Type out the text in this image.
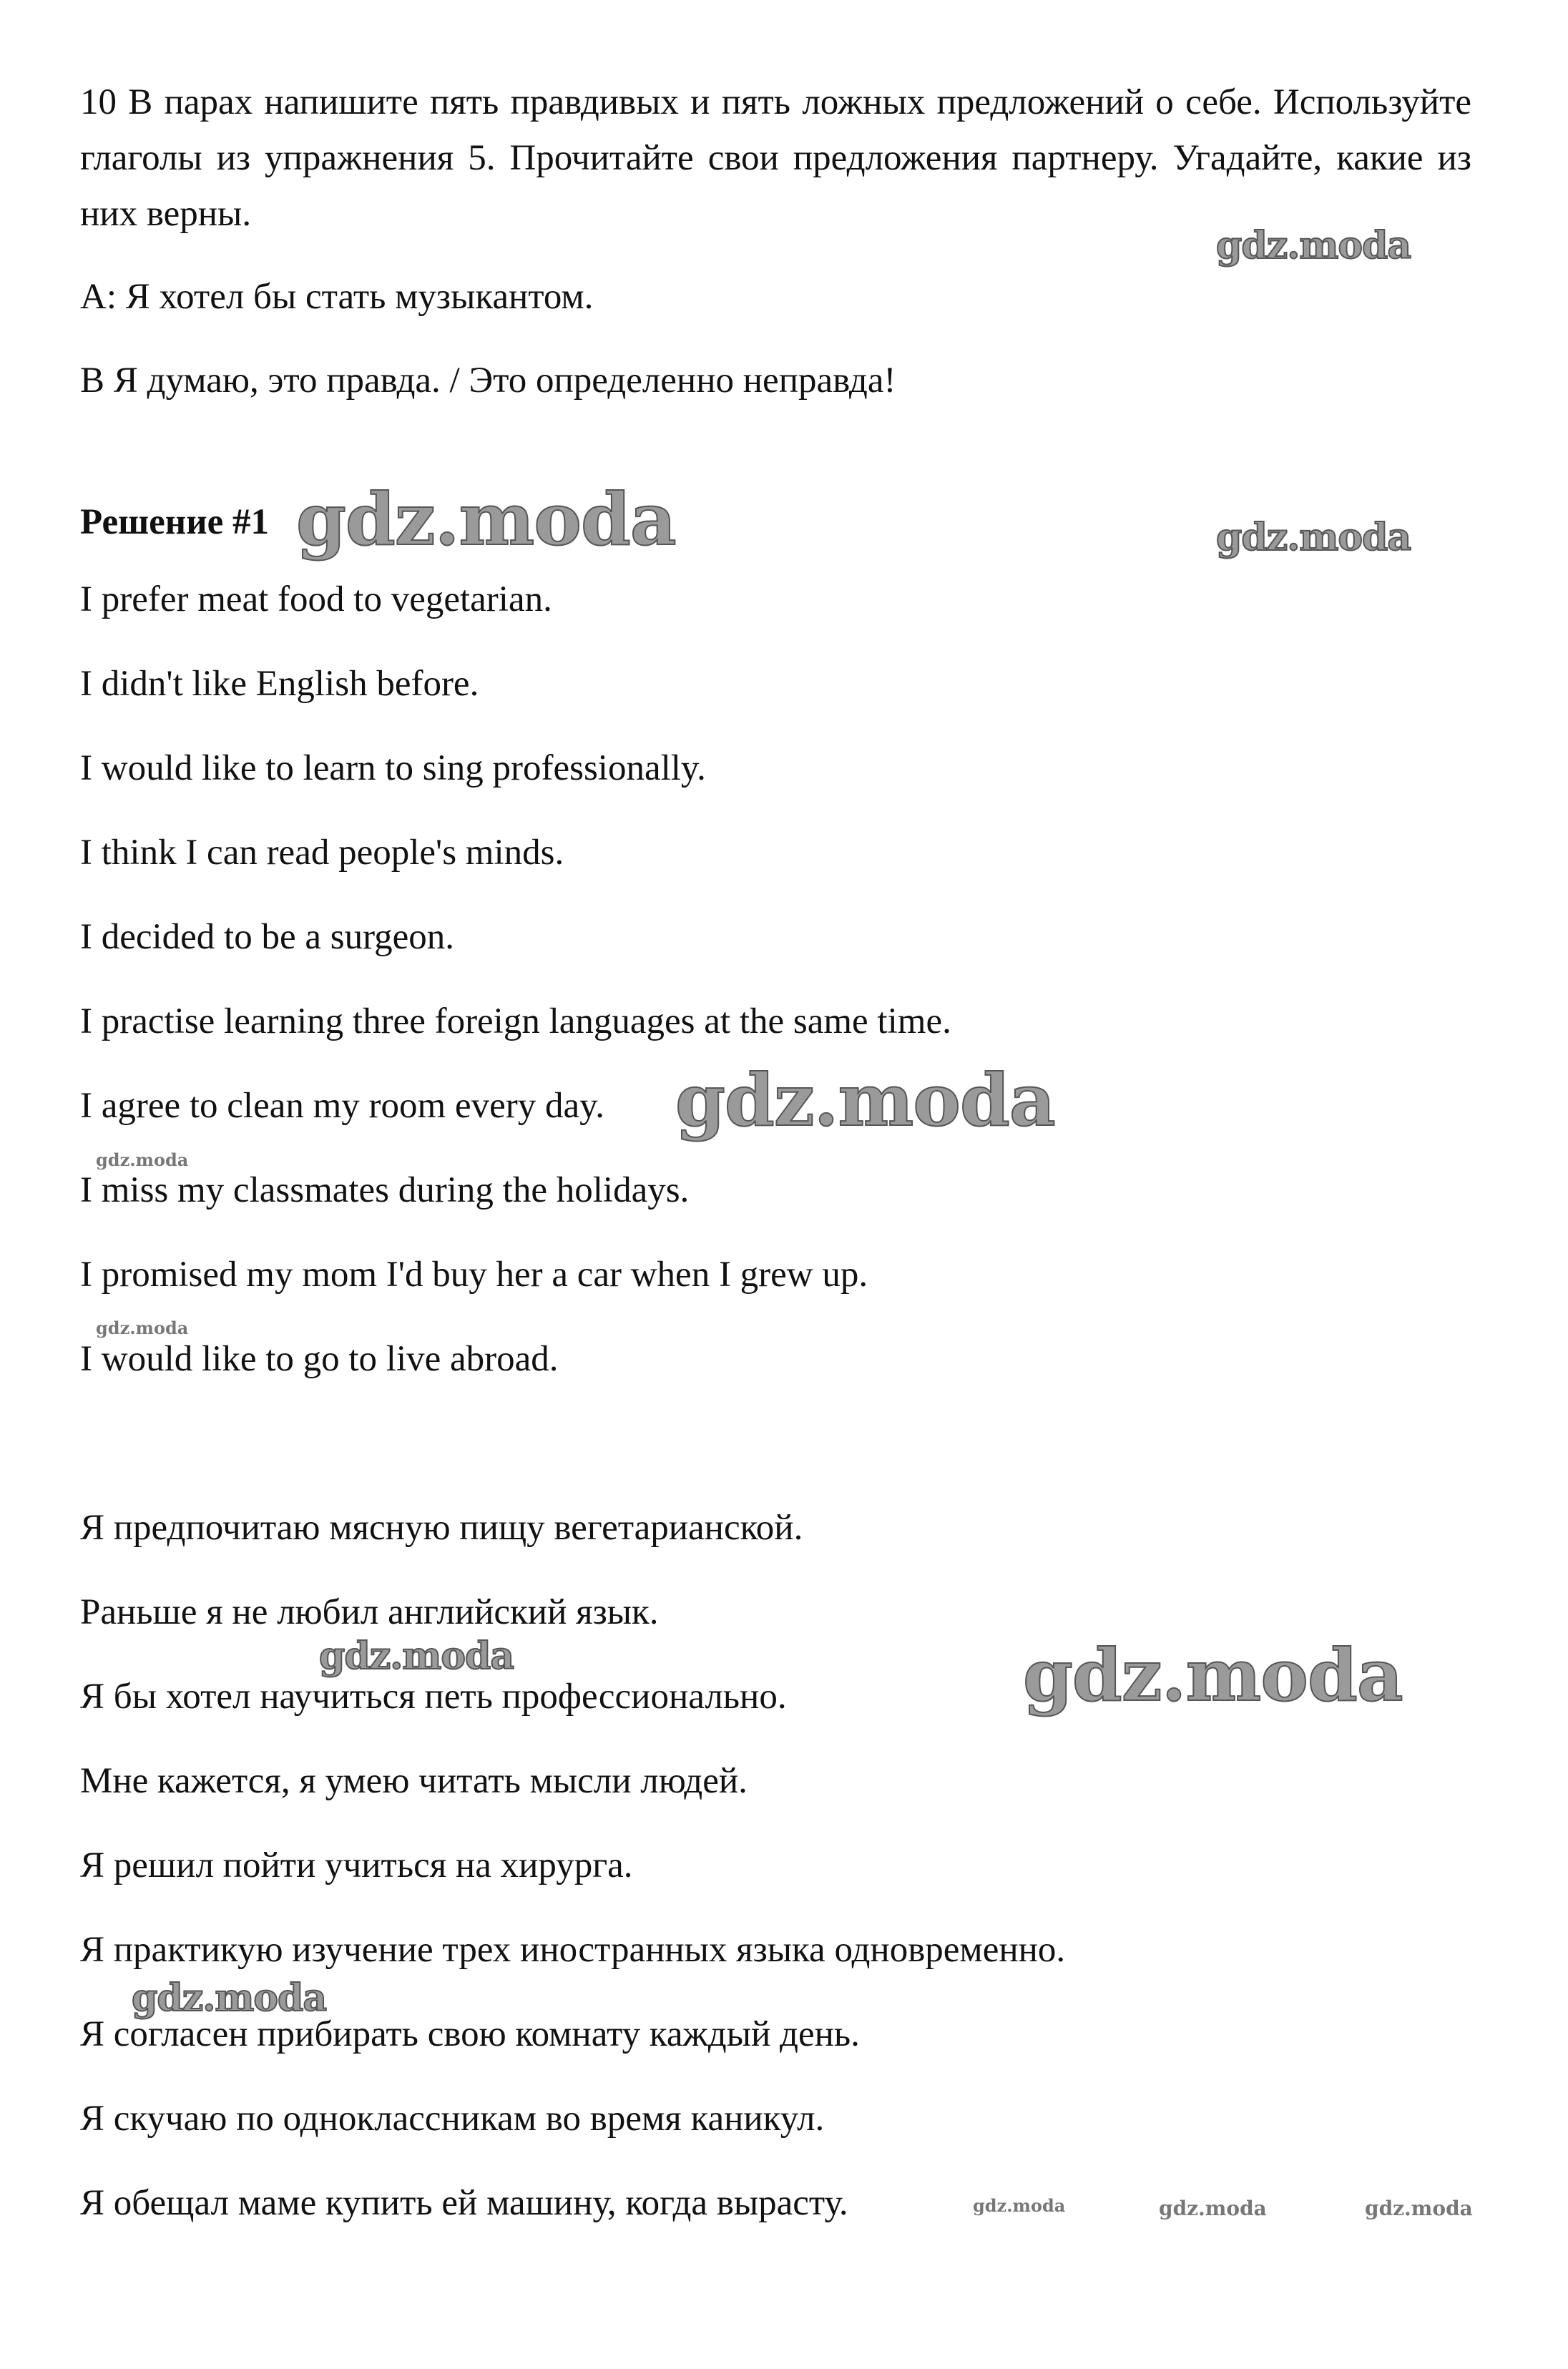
10 В парах напишите пять правдивых и пять ложных предложений о себе. Используйте глаголы из упражнения 5. Прочитайте свои предложения партнеру. Угадайте, какие из них верны.

A: Я хотел бы стать музыкантом.

B Я думаю, это правда. / Это определенно неправда!

Решение #1

I prefer meat food to vegetarian.

I didn't like English before.

I would like to learn to sing professionally.

I think I can read people's minds.

I decided to be a surgeon.

I practise learning three foreign languages at the same time.

I agree to clean my room every day.

I miss my classmates during the holidays.

I promised my mom I'd buy her a car when I grew up.

I would like to go to live abroad.

Я предпочитаю мясную пищу вегетарианской.

Раньше я не любил английский язык.

Я бы хотел научиться петь профессионально.

Мне кажется, я умею читать мысли людей.

Я решил пойти учиться на хирурга.

Я практикую изучение трех иностранных языка одновременно.

Я согласен прибирать свою комнату каждый день.

Я скучаю по одноклассникам во время каникул.

Я обещал маме купить ей машину, когда вырасту.

gdz.moda
gdz.moda	gdz.moda
gdz.moda
gdz.moda
gdz.moda
gdz.moda	gdz.moda
gdz.moda
gdz.moda	gdz.moda	gdz.moda
